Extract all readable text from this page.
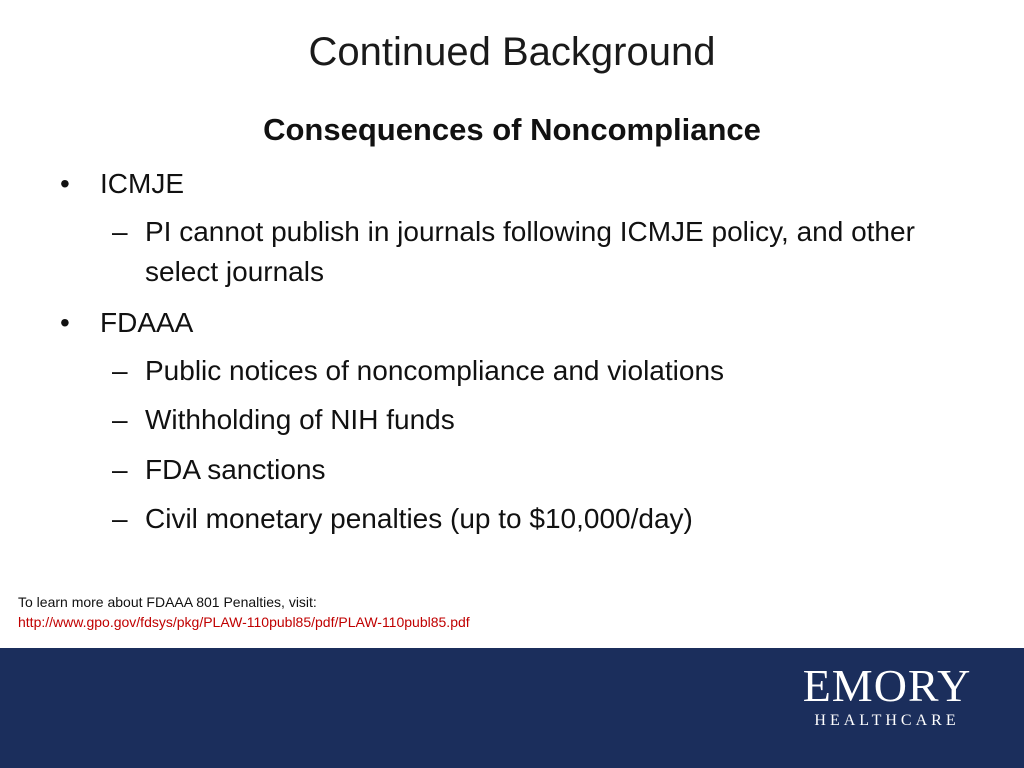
Continued Background
Consequences of Noncompliance
•	ICMJE
– PI cannot publish in journals following ICMJE policy, and other select journals
•	FDAAA
– Public notices of noncompliance and violations
– Withholding of NIH funds
– FDA sanctions
– Civil monetary penalties (up to $10,000/day)
To learn more about FDAAA 801 Penalties, visit:
http://www.gpo.gov/fdsys/pkg/PLAW-110publ85/pdf/PLAW-110publ85.pdf
EMORY
HEALTHCARE
